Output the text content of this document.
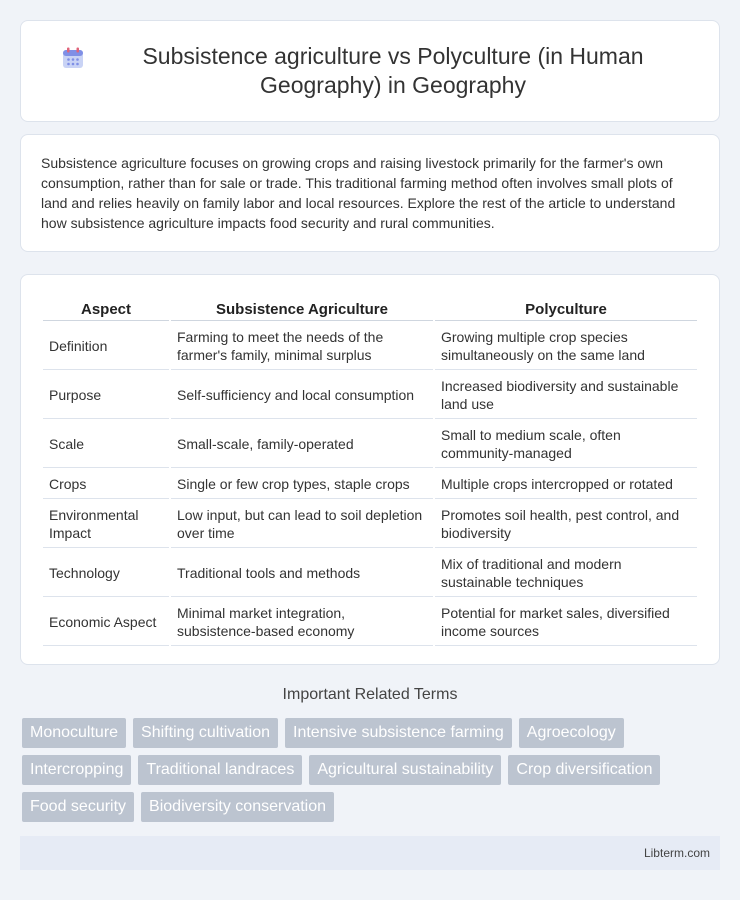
Subsistence agriculture vs Polyculture (in Human Geography) in Geography

Subsistence agriculture focuses on growing crops and raising livestock primarily for the farmer's own consumption, rather than for sale or trade. This traditional farming method often involves small plots of land and relies heavily on family labor and local resources. Explore the rest of the article to understand how subsistence agriculture impacts food security and rural communities.

Aspect	Subsistence Agriculture	Polyculture
Definition	Farming to meet the needs of the farmer's family, minimal surplus	Growing multiple crop species simultaneously on the same land
Purpose	Self-sufficiency and local consumption	Increased biodiversity and sustainable land use
Scale	Small-scale, family-operated	Small to medium scale, often community-managed
Crops	Single or few crop types, staple crops	Multiple crops intercropped or rotated
Environmental Impact	Low input, but can lead to soil depletion over time	Promotes soil health, pest control, and biodiversity
Technology	Traditional tools and methods	Mix of traditional and modern sustainable techniques
Economic Aspect	Minimal market integration, subsistence-based economy	Potential for market sales, diversified income sources
Important Related Terms
Monoculture	Shifting cultivation	Intensive subsistence farming	Agroecology
Intercropping	Traditional landraces	Agricultural sustainability	Crop diversification
Food security	Biodiversity conservation
Libterm.com
